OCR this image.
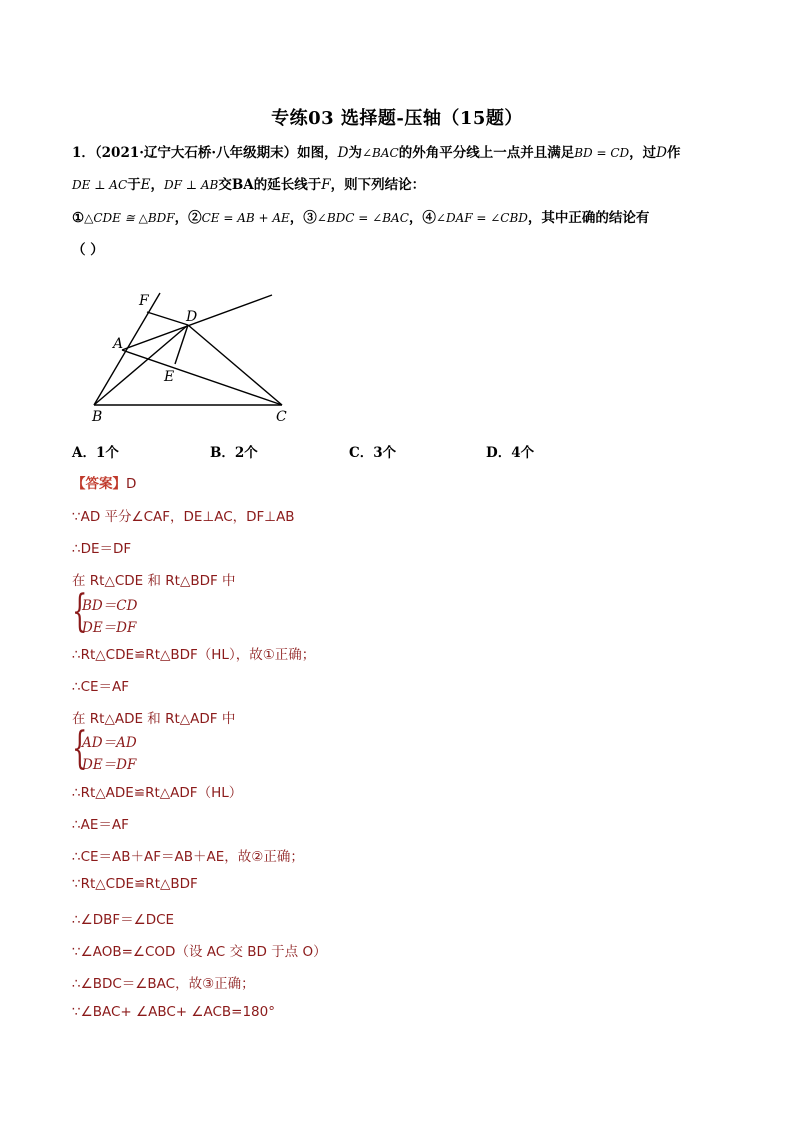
专练03 选择题-压轴（15题）
1．（2021·辽宁大石桥·八年级期末）如图，D为∠BAC的外角平分线上一点并且满足BD = CD，过D作
DE ⊥ AC于E，DF ⊥ AB交BA的延长线于F，则下列结论：
①△CDE ≅ △BDF，②CE = AB + AE，③∠BDC = ∠BAC，④∠DAF = ∠CBD，其中正确的结论有
（ ）
F
D
A
E
B	C
A．1个	B．2个	C．3个	D．4个
【答案】D
∵AD 平分∠CAF，DE⊥AC，DF⊥AB
∴DE＝DF
在 Rt△CDE 和 Rt△BDF 中
{
BD＝CD
DE＝DF
∴Rt△CDE≌Rt△BDF（HL），故①正确；
∴CE＝AF
在 Rt△ADE 和 Rt△ADF 中
{
AD＝AD
DE＝DF
∴Rt△ADE≌Rt△ADF（HL）
∴AE＝AF
∴CE＝AB＋AF＝AB＋AE，故②正确；
∵Rt△CDE≌Rt△BDF
∴∠DBF＝∠DCE
∵∠AOB=∠COD（设 AC 交 BD 于点 O）
∴∠BDC＝∠BAC，故③正确；
∵∠BAC+ ∠ABC+ ∠ACB=180°
